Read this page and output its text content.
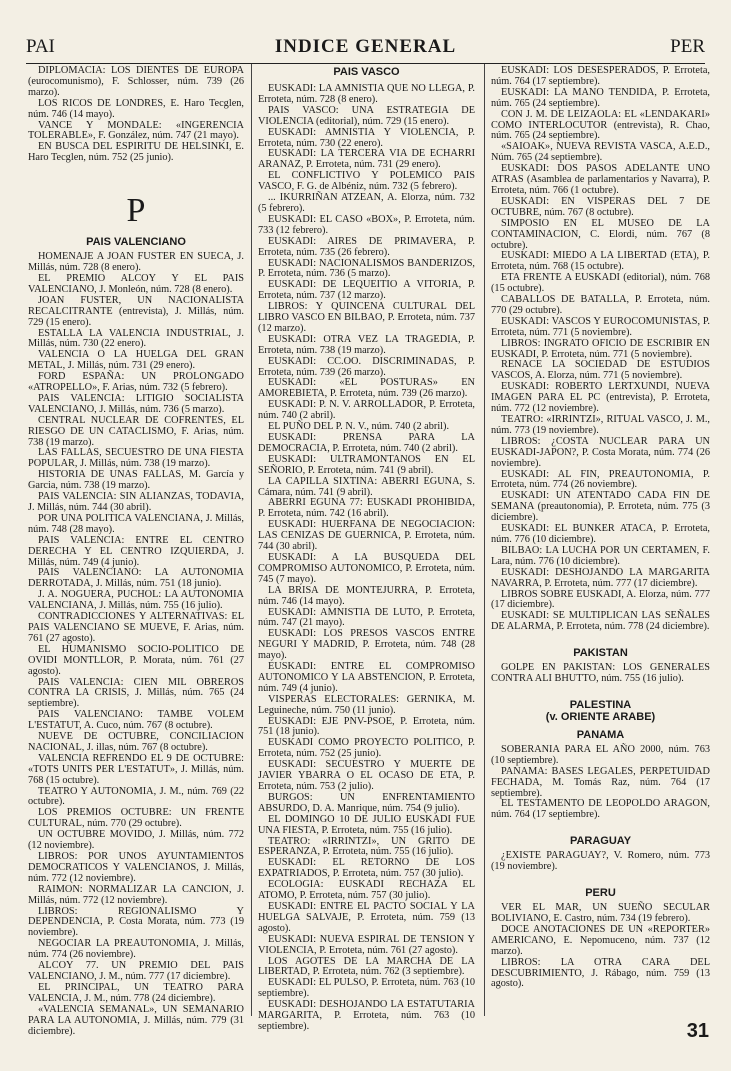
PAI	INDICE GENERAL	PER
DIPLOMACIA: LOS DIENTES DE EUROPA (eurocomunismo), F. Schlosser, núm. 739 (26 marzo).
LOS RICOS DE LONDRES, E. Haro Tecglen, núm. 746 (14 mayo).
VANCE Y MONDALE: «INGERENCIA TOLERABLE», F. González, núm. 747 (21 mayo).
EN BUSCA DEL ESPIRITU DE HELSINKI, E. Haro Tecglen, núm. 752 (25 junio).
P
PAIS VALENCIANO
HOMENAJE A JOAN FUSTER EN SUECA, J. Millás, núm. 728 (8 enero).
EL PREMIO ALCOY Y EL PAIS VALENCIANO, J. Monleón, núm. 728 (8 enero).
JOAN FUSTER, UN NACIONALISTA RECALCITRANTE (entrevista), J. Millás, núm. 729 (15 enero).
ESTALLA LA VALENCIA INDUSTRIAL, J. Millás, núm. 730 (22 enero).
VALENCIA O LA HUELGA DEL GRAN METAL, J. Millás, núm. 731 (29 enero).
FORD ESPAÑA: UN PROLONGADO «ATROPELLO», F. Arias, núm. 732 (5 febrero).
PAIS VALENCIA: LITIGIO SOCIALISTA VALENCIANO, J. Millás, núm. 736 (5 marzo).
CENTRAL NUCLEAR DE COFRENTES, EL RIESGO DE UN CATACLISMO, F. Arias, núm. 738 (19 marzo).
LAS FALLAS, SECUESTRO DE UNA FIESTA POPULAR, J. Millás, núm. 738 (19 marzo).
HISTORIA DE UNAS FALLAS, M. García y Garcia, núm. 738 (19 marzo).
PAIS VALENCIA: SIN ALIANZAS, TODAVIA, J. Millás, núm. 744 (30 abril).
POR UNA POLITICA VALENCIANA, J. Millás, núm. 748 (28 mayo).
PAIS VALENCIA: ENTRE EL CENTRO DERECHA Y EL CENTRO IZQUIERDA, J. Millás, núm. 749 (4 junio).
PAIS VALENCIANO: LA AUTONOMIA DERROTADA, J. Millás, núm. 751 (18 junio).
J. A. NOGUERA, PUCHOL: LA AUTONOMIA VALENCIANA, J. Millás, núm. 755 (16 julio).
CONTRADICCIONES Y ALTERNATIVAS: EL PAIS VALENCIANO SE MUEVE, F. Arias, núm. 761 (27 agosto).
EL HUMANISMO SOCIO-POLITICO DE OVIDI MONTLLOR, P. Morata, núm. 761 (27 agosto).
PAIS VALENCIA: CIEN MIL OBREROS CONTRA LA CRISIS, J. Millás, núm. 765 (24 septiembre).
PAIS VALENCIANO: TAMBE VOLEM L'ESTATUT, A. Cuco, núm. 767 (8 octubre).
NUEVE DE OCTUBRE, CONCILIACION NACIONAL, J. illas, núm. 767 (8 octubre).
VALENCIA REFRENDO EL 9 DE OCTUBRE: «TOTS UNITS PER L'ESTATUT», J. Millás, núm. 768 (15 octubre).
TEATRO Y AUTONOMIA, J. M., núm. 769 (22 octubre).
LOS PREMIOS OCTUBRE: UN FRENTE CULTURAL, núm. 770 (29 octubre).
UN OCTUBRE MOVIDO, J. Millás, núm. 772 (12 noviembre).
LIBROS: POR UNOS AYUNTAMIENTOS DEMOCRATICOS Y VALENCIANOS, J. Millás, núm. 772 (12 noviembre).
RAIMON: NORMALIZAR LA CANCION, J. Millás, núm. 772 (12 noviembre).
LIBROS: REGIONALISMO Y DEPENDENCIA, P. Costa Morata, núm. 773 (19 noviembre).
NEGOCIAR LA PREAUTONOMIA, J. Millás, núm. 774 (26 noviembre).
ALCOY 77. UN PREMIO DEL PAIS VALENCIANO, J. M., núm. 777 (17 diciembre).
EL PRINCIPAL, UN TEATRO PARA VALENCIA, J. M., núm. 778 (24 diciembre).
«VALENCIA SEMANAL», UN SEMANARIO PARA LA AUTONOMIA, J. Millás, núm. 779 (31 diciembre).
PAIS VASCO
EUSKADI: LA AMNISTIA QUE NO LLEGA, P. Erroteta, núm. 728 (8 enero).
PAIS VASCO: UNA ESTRATEGIA DE VIOLENCIA (editorial), núm. 729 (15 enero).
EUSKADI: AMNISTIA Y VIOLENCIA, P. Erroteta, núm. 730 (22 enero).
EUSKADI: LA TERCERA VIA DE ECHARRI ARANAZ, P. Erroteta, núm. 731 (29 enero).
EL CONFLICTIVO Y POLEMICO PAIS VASCO, F. G. de Albéniz, núm. 732 (5 febrero).
... IKURRIÑAN ATZEAN, A. Elorza, núm. 732 (5 febrero).
EUSKADI: EL CASO «BOX», P. Erroteta, núm. 733 (12 febrero).
EUSKADI: AIRES DE PRIMAVERA, P. Erroteta, núm. 735 (26 febrero).
EUSKADI: NACIONALISMOS BANDERIZOS, P. Erroteta, núm. 736 (5 marzo).
EUSKADI: DE LEQUEITIO A VITORIA, P. Erroteta, núm. 737 (12 marzo).
LIBROS: Y QUINCENA CULTURAL DEL LIBRO VASCO EN BILBAO, P. Erroteta, núm. 737 (12 marzo).
EUSKADI: OTRA VEZ LA TRAGEDIA, P. Erroteta, núm. 738 (19 marzo).
EUSKADI: CC.OO. DISCRIMINADAS, P. Erroteta, núm. 739 (26 marzo).
EUSKADI: «EL POSTURAS» EN AMOREBIETA, P. Erroteta, núm. 739 (26 marzo).
EUSKADI: P. N. V. ARROLLADOR, P. Erroteta, núm. 740 (2 abril).
EL PUÑO DEL P. N. V., núm. 740 (2 abril).
EUSKADI: PRENSA PARA LA DEMOCRACIA, P. Erroteta, núm. 740 (2 abril).
EUSKADI: ULTRAMONTANOS EN EL SEÑORIO, P. Erroteta, núm. 741 (9 abril).
LA CAPILLA SIXTINA: ABERRI EGUNA, S. Cámara, núm. 741 (9 abril).
ABERRI EGUNA 77: EUSKADI PROHIBIDA, P. Erroteta, núm. 742 (16 abril).
EUSKADI: HUERFANA DE NEGOCIACION: LAS CENIZAS DE GUERNICA, P. Erroteta, núm. 744 (30 abril).
EUSKADI: A LA BUSQUEDA DEL COMPROMISO AUTONOMICO, P. Erroteta, núm. 745 (7 mayo).
LA BRISA DE MONTEJURRA, P. Erroteta, núm. 746 (14 mayo).
EUSKADI: AMNISTIA DE LUTO, P. Erroteta, núm. 747 (21 mayo).
EUSKADI: LOS PRESOS VASCOS ENTRE NEGURI Y MADRID, P. Erroteta, núm. 748 (28 mayo).
EUSKADI: ENTRE EL COMPROMISO AUTONOMICO Y LA ABSTENCION, P. Erroteta, núm. 749 (4 junio).
VISPERAS ELECTORALES: GERNIKA, M. Leguineche, núm. 750 (11 junio).
EUSKADI: EJE PNV-PSOE, P. Erroteta, núm. 751 (18 junio).
EUSKADI COMO PROYECTO POLITICO, P. Erroteta, núm. 752 (25 junio).
EUSKADI: SECUESTRO Y MUERTE DE JAVIER YBARRA O EL OCASO DE ETA, P. Erroteta, núm. 753 (2 julio).
BURGOS: UN ENFRENTAMIENTO ABSURDO, D. A. Manrique, núm. 754 (9 julio).
EL DOMINGO 10 DE JULIO EUSKADI FUE UNA FIESTA, P. Erroteta, núm. 755 (16 julio).
TEATRO: «IRRINTZI», UN GRITO DE ESPERANZA, P. Erroteta, núm. 755 (16 julio).
EUSKADI: EL RETORNO DE LOS EXPATRIADOS, P. Erroteta, núm. 757 (30 julio).
ECOLOGIA: EUSKADI RECHAZA EL ATOMO, P. Erroteta, núm. 757 (30 julio).
EUSKADI: ENTRE EL PACTO SOCIAL Y LA HUELGA SALVAJE, P. Erroteta, núm. 759 (13 agosto).
EUSKADI: NUEVA ESPIRAL DE TENSION Y VIOLENCIA, P. Erroteta, núm. 761 (27 agosto).
LOS AGOTES DE LA MARCHA DE LA LIBERTAD, P. Erroteta, núm. 762 (3 septiembre).
EUSKADI: EL PULSO, P. Erroteta, núm. 763 (10 septiembre).
EUSKADI: DESHOJANDO LA ESTATUTARIA MARGARITA, P. Erroteta, núm. 763 (10 septiembre).
EUSKADI: LOS DESESPERADOS, P. Erroteta, núm. 764 (17 septiembre).
EUSKADI: LA MANO TENDIDA, P. Erroteta, núm. 765 (24 septiembre).
CON J. M. DE LEIZAOLA: EL «LENDAKARI» COMO INTERLOCUTOR (entrevista), R. Chao, núm. 765 (24 septiembre).
«SAIOAK», NUEVA REVISTA VASCA, A.E.D., Núm. 765 (24 septiembre).
EUSKADI: DOS PASOS ADELANTE UNO ATRAS (Asamblea de parlamentarios y Navarra), P. Erroteta, núm. 766 (1 octubre).
EUSKADI: EN VISPERAS DEL 7 DE OCTUBRE, núm. 767 (8 octubre).
SIMPOSIO EN EL MUSEO DE LA CONTAMINACION, C. Elordi, núm. 767 (8 octubre).
EUSKADI: MIEDO A LA LIBERTAD (ETA), P. Erroteta, núm. 768 (15 octubre).
ETA FRENTE A EUSKADI (editorial), núm. 768 (15 octubre).
CABALLOS DE BATALLA, P. Erroteta, núm. 770 (29 octubre).
EUSKADI: VASCOS Y EUROCOMUNISTAS, P. Erroteta, núm. 771 (5 noviembre).
LIBROS: INGRATO OFICIO DE ESCRIBIR EN EUSKADI, P. Erroteta, núm. 771 (5 noviembre).
RENACE LA SOCIEDAD DE ESTUDIOS VASCOS, A. Elorza, núm. 771 (5 noviembre).
EUSKADI: ROBERTO LERTXUNDI, NUEVA IMAGEN PARA EL PC (entrevista), P. Erroteta, núm. 772 (12 noviembre).
TEATRO: «IRRINTZI», RITUAL VASCO, J. M., núm. 773 (19 noviembre).
LIBROS: ¿COSTA NUCLEAR PARA UN EUSKADI-JAPON?, P. Costa Morata, núm. 774 (26 noviembre).
EUSKADI: AL FIN, PREAUTONOMIA, P. Erroteta, núm. 774 (26 noviembre).
EUSKADI: UN ATENTADO CADA FIN DE SEMANA (preautonomia), P. Erroteta, núm. 775 (3 diciembre).
EUSKADI: EL BUNKER ATACA, P. Erroteta, núm. 776 (10 diciembre).
BILBAO: LA LUCHA POR UN CERTAMEN, F. Lara, núm. 776 (10 diciembre).
EUSKADI: DESHOJANDO LA MARGARITA NAVARRA, P. Erroteta, núm. 777 (17 diciembre).
LIBROS SOBRE EUSKADI, A. Elorza, núm. 777 (17 diciembre).
EUSKADI: SE MULTIPLICAN LAS SEÑALES DE ALARMA, P. Erroteta, núm. 778 (24 diciembre).
PAKISTAN
GOLPE EN PAKISTAN: LOS GENERALES CONTRA ALI BHUTTO, núm. 755 (16 julio).
PALESTINA
(v. ORIENTE ARABE)
PANAMA
SOBERANIA PARA EL AÑO 2000, núm. 763 (10 septiembre).
PANAMA: BASES LEGALES, PERPETUIDAD FECHADA, M. Tomás Raz, núm. 764 (17 septiembre).
EL TESTAMENTO DE LEOPOLDO ARAGON, núm. 764 (17 septiembre).
PARAGUAY
¿EXISTE PARAGUAY?, V. Romero, núm. 773 (19 noviembre).
PERU
VER EL MAR, UN SUEÑO SECULAR BOLIVIANO, E. Castro, núm. 734 (19 febrero).
DOCE ANOTACIONES DE UN «REPORTER» AMERICANO, E. Nepomuceno, núm. 737 (12 marzo).
LIBROS: LA OTRA CARA DEL DESCUBRIMIENTO, J. Rábago, núm. 759 (13 agosto).
31
